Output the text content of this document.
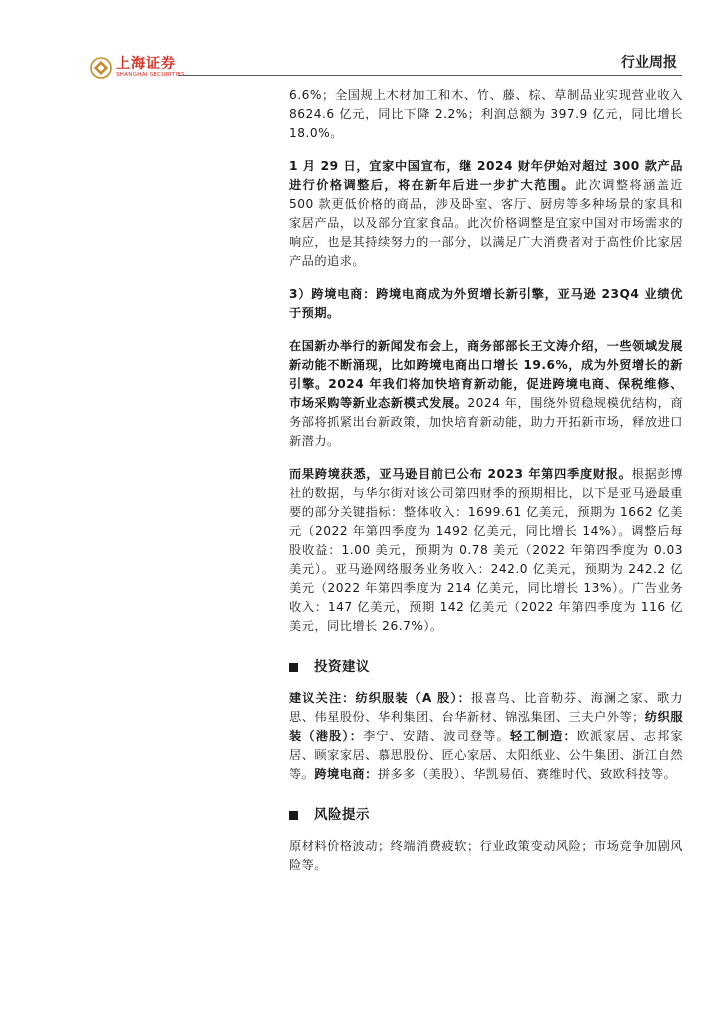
上海证券
SHANGHAI SECURITIES
行业周报

6.6%；全国规上木材加工和木、竹、藤、棕、草制品业实现营业收入8624.6 亿元，同比下降 2.2%；利润总额为 397.9 亿元，同比增长18.0%。

1 月 29 日，宜家中国宣布，继 2024 财年伊始对超过 300 款产品进行价格调整后，将在新年后进一步扩大范围。此次调整将涵盖近 500 款更低价格的商品，涉及卧室、客厅、厨房等多种场景的家具和家居产品，以及部分宜家食品。此次价格调整是宜家中国对市场需求的响应，也是其持续努力的一部分，以满足广大消费者对于高性价比家居产品的追求。

3）跨境电商：跨境电商成为外贸增长新引擎，亚马逊 23Q4 业绩优于预期。

在国新办举行的新闻发布会上，商务部部长王文涛介绍，一些领域发展新动能不断涌现，比如跨境电商出口增长 19.6%，成为外贸增长的新引擎。2024 年我们将加快培育新动能，促进跨境电商、保税维修、市场采购等新业态新模式发展。2024 年，围绕外贸稳规模优结构，商务部将抓紧出台新政策，加快培育新动能，助力开拓新市场，释放进口新潜力。

而果跨境获悉，亚马逊目前已公布 2023 年第四季度财报。根据彭博社的数据，与华尔街对该公司第四财季的预期相比，以下是亚马逊最重要的部分关键指标：整体收入：1699.61 亿美元，预期为 1662 亿美元（2022 年第四季度为 1492 亿美元，同比增长 14%）。调整后每股收益：1.00 美元，预期为 0.78 美元（2022 年第四季度为 0.03 美元）。亚马逊网络服务业务收入：242.0 亿美元，预期为 242.2 亿美元（2022 年第四季度为 214 亿美元，同比增长 13%）。广告业务收入：147 亿美元，预期 142 亿美元（2022 年第四季度为 116 亿美元，同比增长 26.7%）。

投资建议

建议关注：纺织服装（A 股）：报喜鸟、比音勒芬、海澜之家、歌力思、伟星股份、华利集团、台华新材、锦泓集团、三夫户外等；纺织服装（港股）：李宁、安踏、波司登等。轻工制造：欧派家居、志邦家居、顾家家居、慕思股份、匠心家居、太阳纸业、公牛集团、浙江自然等。跨境电商：拼多多（美股）、华凯易佰、赛维时代、致欧科技等。

风险提示

原材料价格波动；终端消费疲软；行业政策变动风险；市场竞争加剧风险等。
